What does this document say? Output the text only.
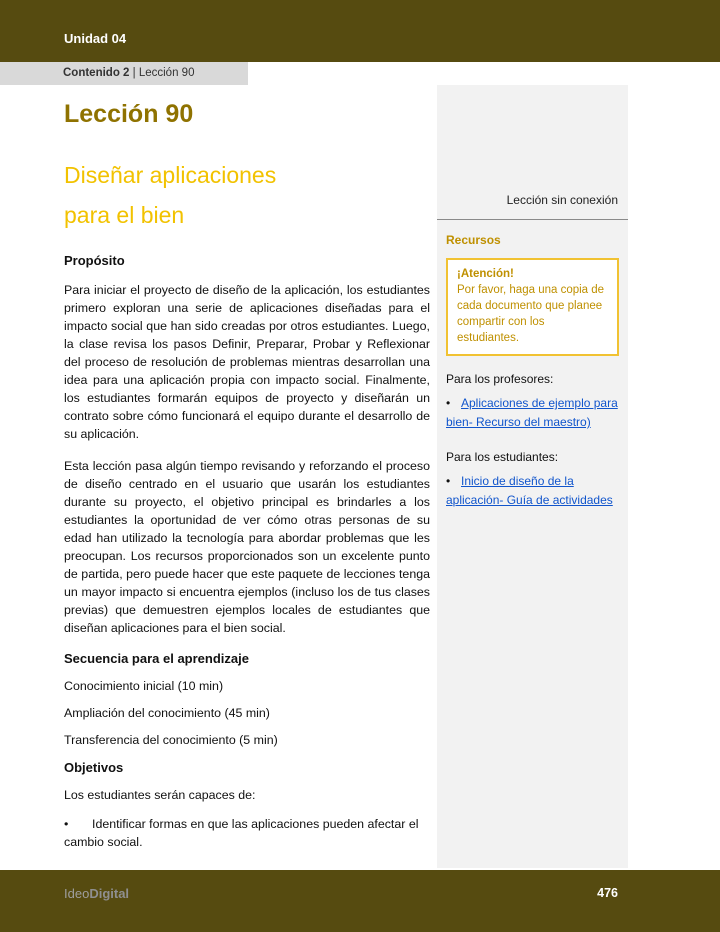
Unidad 04
Contenido 2 | Lección 90
Lección 90
Diseñar aplicaciones
para el bien
Propósito

Para iniciar el proyecto de diseño de la aplicación, los estudiantes primero exploran una serie de aplicaciones diseñadas para el impacto social que han sido creadas por otros estudiantes. Luego, la clase revisa los pasos Definir, Preparar, Probar y Reflexionar del proceso de resolución de problemas mientras desarrollan una idea para una aplicación propia con impacto social. Finalmente, los estudiantes formarán equipos de proyecto y diseñarán un contrato sobre cómo funcionará el equipo durante el desarrollo de su aplicación.

Esta lección pasa algún tiempo revisando y reforzando el proceso de diseño centrado en el usuario que usarán los estudiantes durante su proyecto, el objetivo principal es brindarles a los estudiantes la oportunidad de ver cómo otras personas de su edad han utilizado la tecnología para abordar problemas que les preocupan. Los recursos proporcionados son un excelente punto de partida, pero puede hacer que este paquete de lecciones tenga un mayor impacto si encuentra ejemplos (incluso los de tus clases previas) que demuestren ejemplos locales de estudiantes que diseñan aplicaciones para el bien social.

Secuencia para el aprendizaje

Conocimiento inicial (10 min)

Ampliación del conocimiento (45 min)

Transferencia del conocimiento (5 min)

Objetivos

Los estudiantes serán capaces de:

• Identificar formas en que las aplicaciones pueden afectar el cambio social.

Lección sin conexión

Recursos

¡Atención!

Por favor, haga una copia de cada documento que planee compartir con los estudiantes.

Para los profesores:

• Aplicaciones de ejemplo para bien- Recurso del maestro)

Para los estudiantes:

• Inicio de diseño de la aplicación- Guía de actividades

IdeoDigital	476
